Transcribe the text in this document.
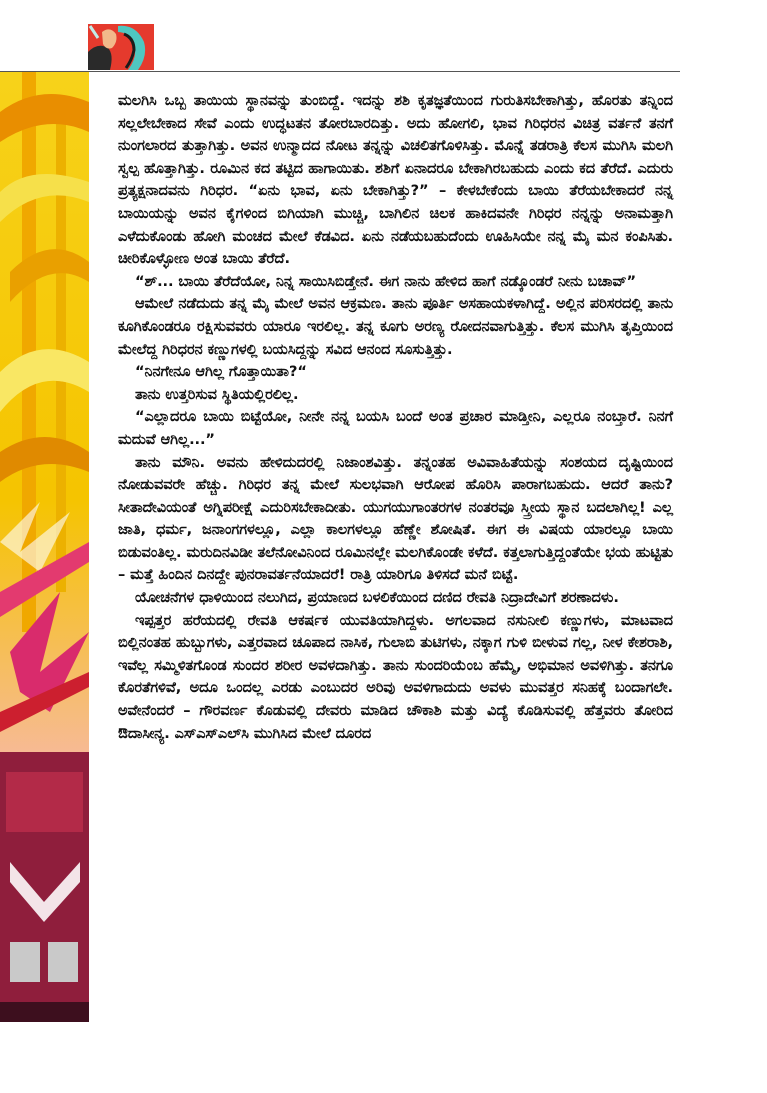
ಮಲಗಿಸಿ ಒಬ್ಬ ತಾಯಿಯ ಸ್ಥಾನವನ್ನು ತುಂಬಿದ್ದೆ. ಇದನ್ನು ಶಶಿ ಕೃತಜ್ಞತೆಯಿಂದ ಗುರುತಿಸಬೇಕಾಗಿತ್ತು, ಹೊರತು ತನ್ನಿಂದ ಸಲ್ಲಲೇಬೇಕಾದ ಸೇವೆ ಎಂದು ಉದ್ಧಟತನ ತೋರಬಾರದಿತ್ತು. ಅದು ಹೋಗಲಿ, ಭಾವ ಗಿರಿಧರನ ವಿಚಿತ್ರ ವರ್ತನೆ ತನಗೆ ನುಂಗಲಾರದ ತುತ್ತಾಗಿತ್ತು. ಅವನ ಉನ್ಮಾದದ ನೋಟ ತನ್ನನ್ನು ವಿಚಲಿತಗೊಳಿಸಿತ್ತು. ಮೊನ್ನೆ ತಡರಾತ್ರಿ ಕೆಲಸ ಮುಗಿಸಿ ಮಲಗಿ ಸ್ವಲ್ಪ ಹೊತ್ತಾಗಿತ್ತು. ರೂಮಿನ ಕದ ತಟ್ಟಿದ ಹಾಗಾಯಿತು. ಶಶಿಗೆ ಏನಾದರೂ ಬೇಕಾಗಿರಬಹುದು ಎಂದು ಕದ ತೆರೆದೆ. ಎದುರು ಪ್ರತ್ಯಕ್ಷನಾದವನು ಗಿರಿಧರ. “ಏನು ಭಾವ, ಏನು ಬೇಕಾಗಿತ್ತು?” – ಕೇಳಬೇಕೆಂದು ಬಾಯಿ ತೆರೆಯಬೇಕಾದರೆ ನನ್ನ ಬಾಯಿಯನ್ನು ಅವನ ಕೈಗಳಿಂದ ಬಿಗಿಯಾಗಿ ಮುಚ್ಚಿ, ಬಾಗಿಲಿನ ಚಿಲಕ ಹಾಕಿದವನೇ ಗಿರಿಧರ ನನ್ನನ್ನು ಅನಾಮತ್ತಾಗಿ ಎಳೆದುಕೊಂಡು ಹೋಗಿ ಮಂಚದ ಮೇಲೆ ಕೆಡವಿದ. ಏನು ನಡೆಯಬಹುದೆಂದು ಊಹಿಸಿಯೇ ನನ್ನ ಮೈ ಮನ ಕಂಪಿಸಿತು. ಚೀರಿಕೊಳ್ಳೋಣ ಅಂತ ಬಾಯಿ ತೆರೆದೆ.

“ಶ್... ಬಾಯಿ ತೆರೆದೆಯೋ, ನಿನ್ನ ಸಾಯಿಸಿಬಿಡ್ತೇನೆ. ಈಗ ನಾನು ಹೇಳಿದ ಹಾಗೆ ನಡ್ಕೊಂಡರೆ ನೀನು ಬಚಾವ್”

ಆಮೇಲೆ ನಡೆದುದು ತನ್ನ ಮೈ ಮೇಲೆ ಅವನ ಆಕ್ರಮಣ. ತಾನು ಪೂರ್ತಿ ಅಸಹಾಯಕಳಾಗಿದ್ದೆ. ಅಲ್ಲಿನ ಪರಿಸರದಲ್ಲಿ ತಾನು ಕೂಗಿಕೊಂಡರೂ ರಕ್ಷಿಸುವವರು ಯಾರೂ ಇರಲಿಲ್ಲ. ತನ್ನ ಕೂಗು ಅರಣ್ಯ ರೋದನವಾಗುತ್ತಿತ್ತು. ಕೆಲಸ ಮುಗಿಸಿ ತೃಪ್ತಿಯಿಂದ ಮೇಲೆದ್ದ ಗಿರಿಧರನ ಕಣ್ಣುಗಳಲ್ಲಿ ಬಯಸಿದ್ದನ್ನು ಸವಿದ ಆನಂದ ಸೂಸುತ್ತಿತ್ತು.

“ನಿನಗೇನೂ ಆಗಿಲ್ಲ ಗೊತ್ತಾಯಿತಾ?“

ತಾನು ಉತ್ತರಿಸುವ ಸ್ಥಿತಿಯಲ್ಲಿರಲಿಲ್ಲ.

“ಎಲ್ಲಾದರೂ ಬಾಯಿ ಬಿಟ್ಟೆಯೋ, ನೀನೇ ನನ್ನ ಬಯಸಿ ಬಂದೆ ಅಂತ ಪ್ರಚಾರ ಮಾಡ್ತೀನಿ, ಎಲ್ಲರೂ ನಂಬ್ತಾರೆ. ನಿನಗೆ ಮದುವೆ ಆಗಿಲ್ಲ...”

ತಾನು ಮೌನಿ. ಅವನು ಹೇಳಿದುದರಲ್ಲಿ ನಿಜಾಂಶವಿತ್ತು. ತನ್ನಂತಹ ಅವಿವಾಹಿತೆಯನ್ನು ಸಂಶಯದ ದೃಷ್ಟಿಯಿಂದ ನೋಡುವವರೇ ಹೆಚ್ಚು. ಗಿರಿಧರ ತನ್ನ ಮೇಲೆ ಸುಲಭವಾಗಿ ಆರೋಪ ಹೊರಿಸಿ ಪಾರಾಗಬಹುದು. ಆದರೆ ತಾನು? ಸೀತಾದೇವಿಯಂತೆ ಅಗ್ನಿಪರೀಕ್ಷೆ ಎದುರಿಸಬೇಕಾದೀತು. ಯುಗಯುಗಾಂತರಗಳ ನಂತರವೂ ಸ್ತ್ರೀಯ ಸ್ಥಾನ ಬದಲಾಗಿಲ್ಲ! ಎಲ್ಲ ಜಾತಿ, ಧರ್ಮ, ಜನಾಂಗಗಳಲ್ಲೂ, ಎಲ್ಲಾ ಕಾಲಗಳಲ್ಲೂ ಹೆಣ್ಣೇ ಶೋಷಿತೆ. ಈಗ ಈ ವಿಷಯ ಯಾರಲ್ಲೂ ಬಾಯಿ ಬಿಡುವಂತಿಲ್ಲ. ಮರುದಿನವಿಡೀ ತಲೆನೋವಿನಿಂದ ರೂಮಿನಲ್ಲೇ ಮಲಗಿಕೊಂಡೇ ಕಳೆದೆ. ಕತ್ತಲಾಗುತ್ತಿದ್ದಂತೆಯೇ ಭಯ ಹುಟ್ಟಿತು – ಮತ್ತೆ ಹಿಂದಿನ ದಿನದ್ದೇ ಪುನರಾವರ್ತನೆಯಾದರೆ! ರಾತ್ರಿ ಯಾರಿಗೂ ತಿಳಿಸದೆ ಮನೆ ಬಿಟ್ಟೆ.

ಯೋಚನೆಗಳ ಧಾಳಿಯಿಂದ ನಲುಗಿದ, ಪ್ರಯಾಣದ ಬಳಲಿಕೆಯಿಂದ ದಣಿದ ರೇವತಿ ನಿದ್ರಾದೇವಿಗೆ ಶರಣಾದಳು.

ಇಪ್ಪತ್ತರ ಹರೆಯದಲ್ಲಿ ರೇವತಿ ಆಕರ್ಷಕ ಯುವತಿಯಾಗಿದ್ದಳು. ಅಗಲವಾದ ನಸುನೀಲಿ ಕಣ್ಣುಗಳು, ಮಾಟವಾದ ಬಿಲ್ಲಿನಂತಹ ಹುಬ್ಬುಗಳು, ಎತ್ತರವಾದ ಚೂಪಾದ ನಾಸಿಕ, ಗುಲಾಬಿ ತುಟಿಗಳು, ನಕ್ಕಾಗ ಗುಳಿ ಬೀಳುವ ಗಲ್ಲ, ನೀಳ ಕೇಶರಾಶಿ, ಇವೆಲ್ಲ ಸಮ್ಮಿಳಿತಗೊಂಡ ಸುಂದರ ಶರೀರ ಅವಳದಾಗಿತ್ತು. ತಾನು ಸುಂದರಿಯೆಂಬ ಹೆಮ್ಮೆ, ಅಭಿಮಾನ ಅವಳಿಗಿತ್ತು. ತನಗೂ ಕೊರತೆಗಳಿವೆ, ಅದೂ ಒಂದಲ್ಲ ಎರಡು ಎಂಬುದರ ಅರಿವು ಅವಳಿಗಾದುದು ಅವಳು ಮುವತ್ತರ ಸನಿಹಕ್ಕೆ ಬಂದಾಗಲೇ. ಅವೇನೆಂದರೆ – ಗೌರವರ್ಣ ಕೊಡುವಲ್ಲಿ ದೇವರು ಮಾಡಿದ ಚೌಕಾಶಿ ಮತ್ತು ವಿದ್ಯೆ ಕೊಡಿಸುವಲ್ಲಿ ಹೆತ್ತವರು ತೋರಿದ ಔದಾಸೀನ್ಯ. ಎಸ್‌ಎಸ್‌ಎಲ್‌ಸಿ ಮುಗಿಸಿದ ಮೇಲೆ ದೂರದ
